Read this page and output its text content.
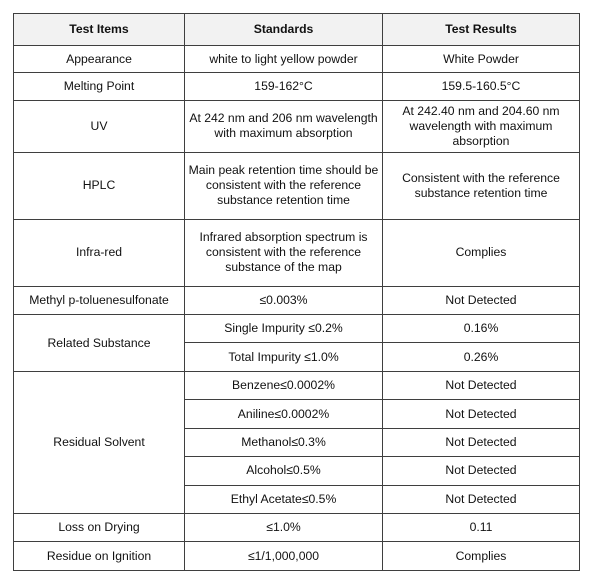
Test Items	Standards	Test Results
Appearance	white to light yellow powder	White Powder
Melting Point	159-162°C	159.5-160.5°C
UV	At 242 nm and 206 nm wavelength with maximum absorption	At 242.40 nm and 204.60 nm wavelength with maximum absorption
HPLC	Main peak retention time should be consistent with the reference substance retention time	Consistent with the reference substance retention time
Infra-red	Infrared absorption spectrum is consistent with the reference substance of the map	Complies
Methyl p-toluenesulfonate	≤0.003%	Not Detected
Related Substance	Single Impurity ≤0.2%	0.16%
	Total Impurity ≤1.0%	0.26%
Residual Solvent	Benzene≤0.0002%	Not Detected
	Aniline≤0.0002%	Not Detected
	Methanol≤0.3%	Not Detected
	Alcohol≤0.5%	Not Detected
	Ethyl Acetate≤0.5%	Not Detected
Loss on Drying	≤1.0%	0.11
Residue on Ignition	≤1/1,000,000	Complies
